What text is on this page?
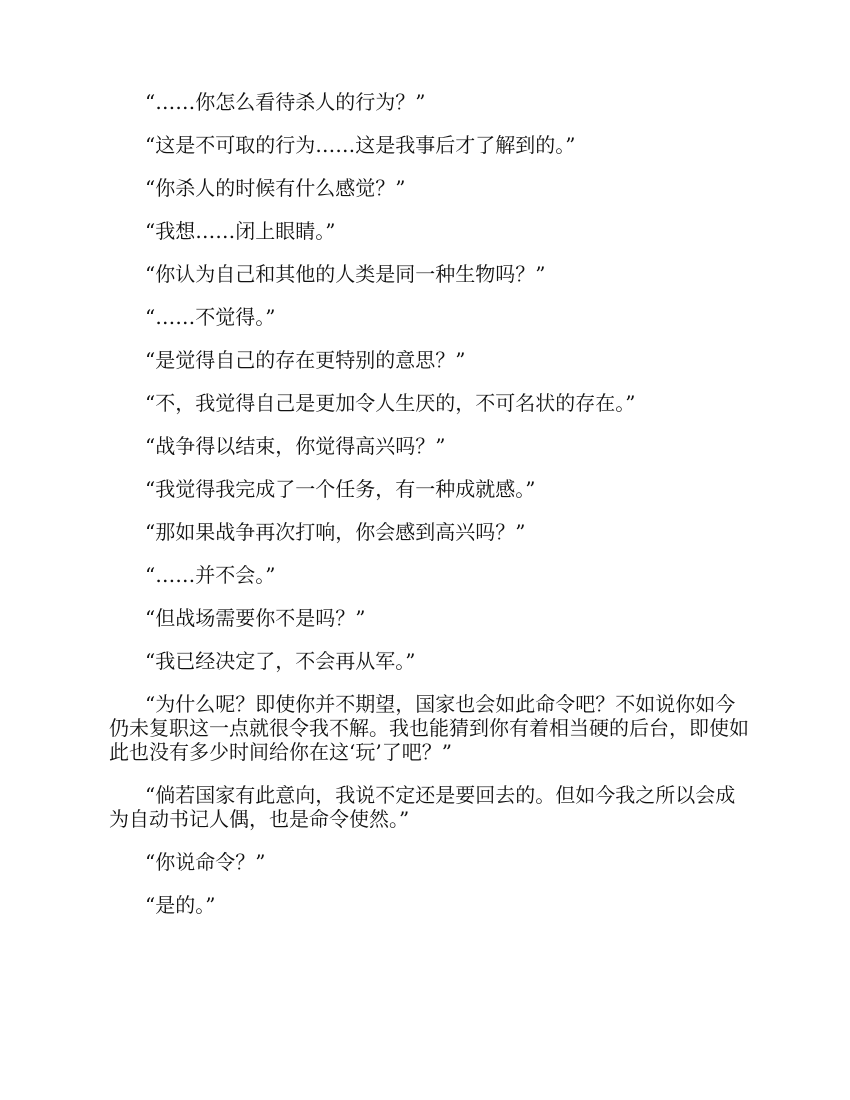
“……你怎么看待杀人的行为？”

“这是不可取的行为……这是我事后才了解到的。”

“你杀人的时候有什么感觉？”

“我想……闭上眼睛。”

“你认为自己和其他的人类是同一种生物吗？”

“……不觉得。”

“是觉得自己的存在更特别的意思？”

“不，我觉得自己是更加令人生厌的，不可名状的存在。”

“战争得以结束，你觉得高兴吗？”

“我觉得我完成了一个任务，有一种成就感。”

“那如果战争再次打响，你会感到高兴吗？”

“……并不会。”

“但战场需要你不是吗？”

“我已经决定了，不会再从军。”

“为什么呢？即使你并不期望，国家也会如此命令吧？不如说你如今仍未复职这一点就很令我不解。我也能猜到你有着相当硬的后台，即使如此也没有多少时间给你在这‘玩’了吧？”

“倘若国家有此意向，我说不定还是要回去的。但如今我之所以会成为自动书记人偶，也是命令使然。”

“你说命令？”

“是的。”
